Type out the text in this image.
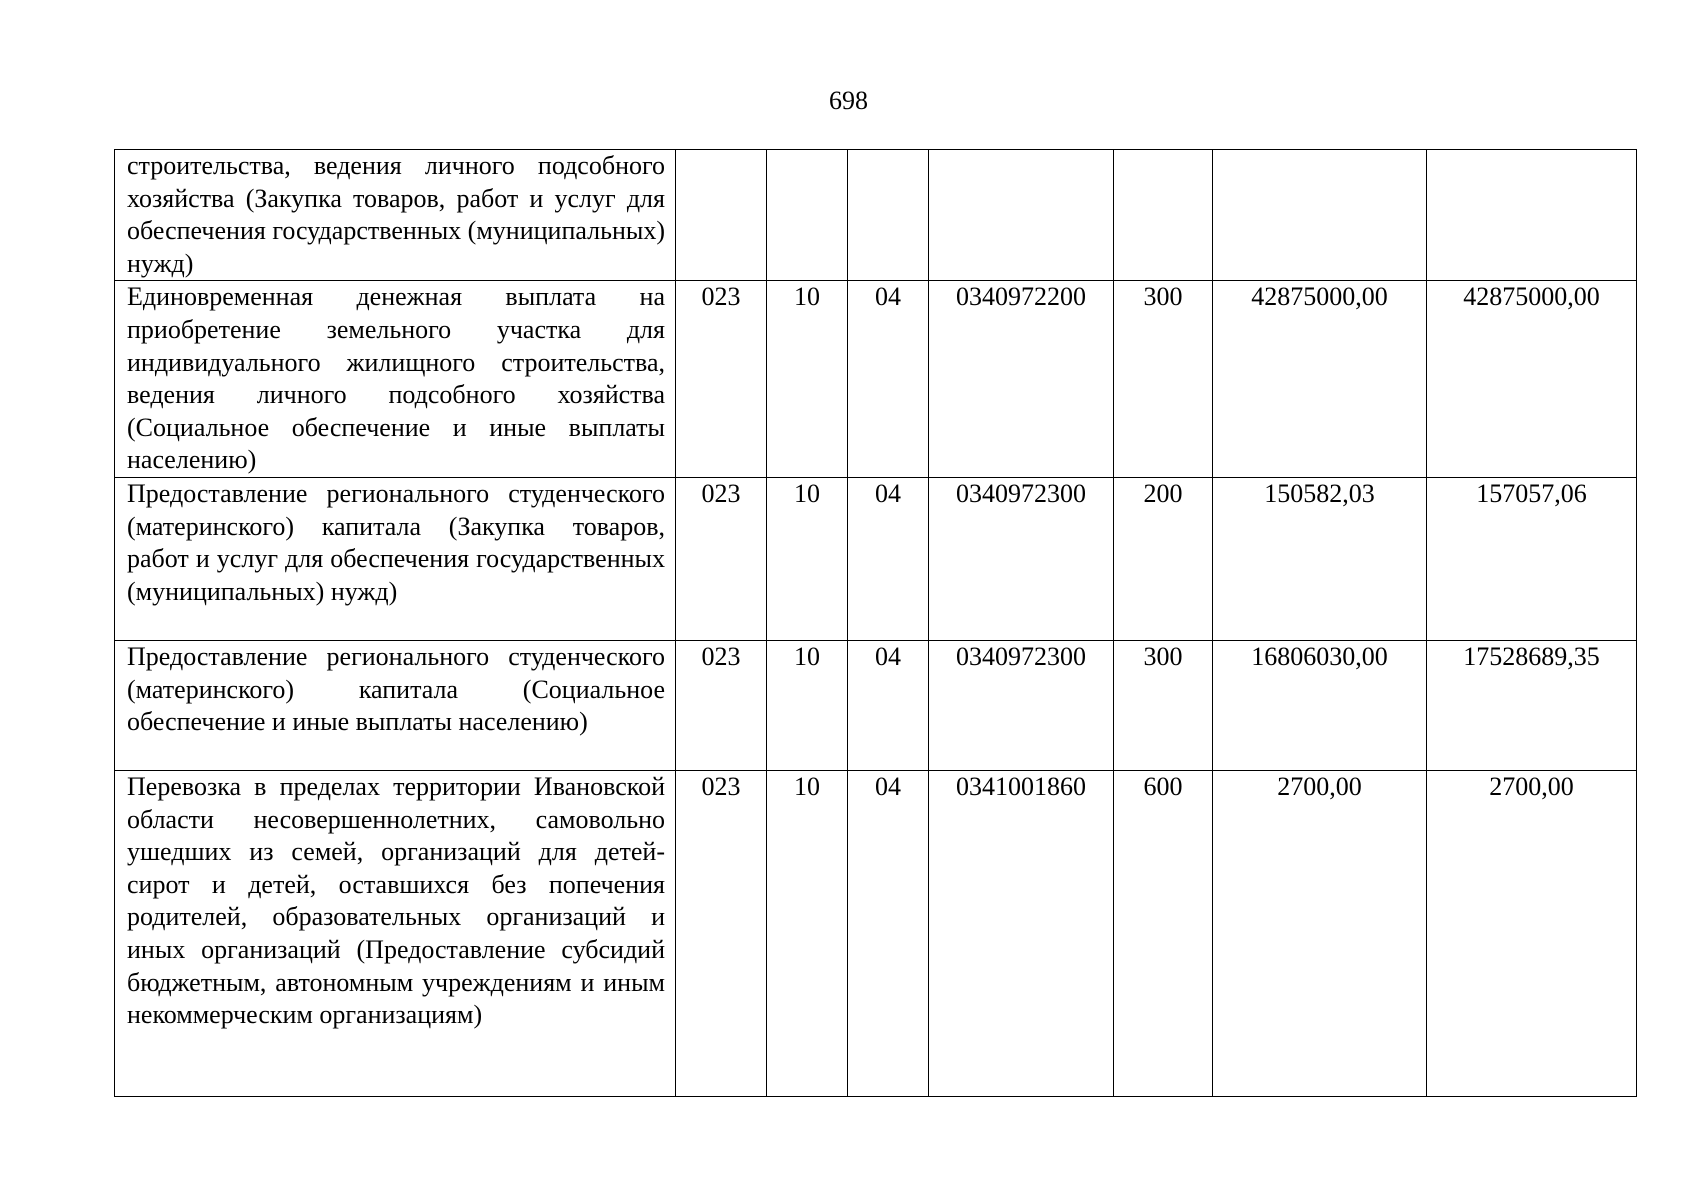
698
строительства, ведения личного подсобного хозяйства (Закупка товаров, работ и услуг для обеспечения государственных (муниципальных) нужд)							
Единовременная денежная выплата на приобретение земельного участка для индивидуального жилищного строительства, ведения личного подсобного хозяйства (Социальное обеспечение и иные выплаты населению)	023	10	04	0340972200	300	42875000,00	42875000,00
Предоставление регионального студенческого (материнского) капитала (Закупка товаров, работ и услуг для обеспечения государственных (муниципальных) нужд)	023	10	04	0340972300	200	150582,03	157057,06
Предоставление регионального студенческого (материнского) капитала (Социальное обеспечение и иные выплаты населению)	023	10	04	0340972300	300	16806030,00	17528689,35
Перевозка в пределах территории Ивановской области несовершеннолетних, самовольно ушедших из семей, организаций для детей-сирот и детей, оставшихся без попечения родителей, образовательных организаций и иных организаций (Предоставление субсидий бюджетным, автономным учреждениям и иным некоммерческим организациям)	023	10	04	0341001860	600	2700,00	2700,00
